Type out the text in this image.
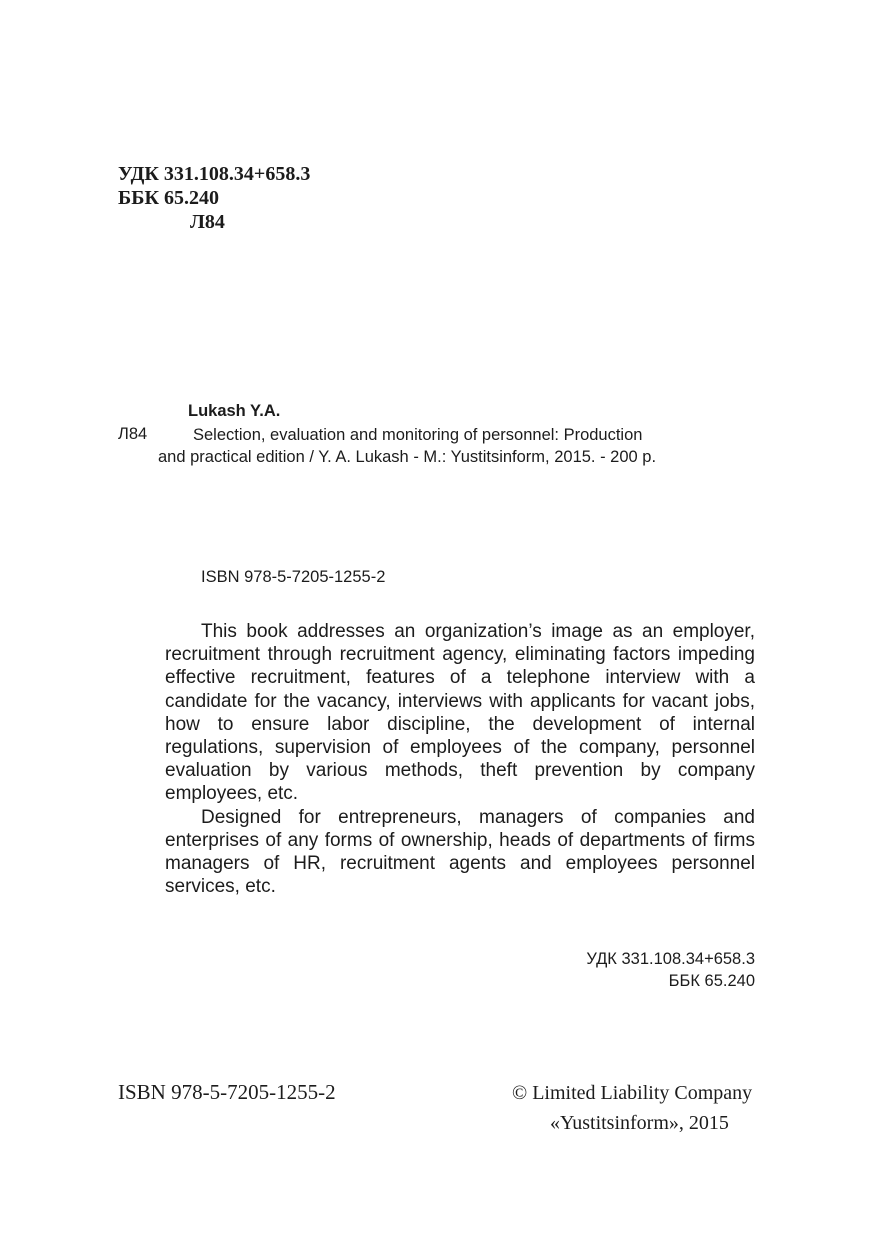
УДК 331.108.34+658.3
ББК 65.240
Л84
Lukash Y.A.
Л84	Selection, evaluation and monitoring of personnel: Production
and practical edition / Y. A. Lukash - M.: Yustitsinform, 2015. - 200 p.
ISBN 978-5-7205-1255-2

This book addresses an organization’s image as an employer, recruitment through recruitment agency, eliminating factors impeding effective recruitment, features of a telephone interview with a candidate for the vacancy, interviews with applicants for vacant jobs, how to ensure labor discipline, the development of internal regulations, supervision of employees of the company, personnel evaluation by various methods, theft prevention by company employees, etc.

Designed for entrepreneurs, managers of companies and enterprises of any forms of ownership, heads of departments of firms managers of HR, recruitment agents and employees personnel services, etc.

УДК 331.108.34+658.3
ББК 65.240
ISBN 978-5-7205-1255-2	© Limited Liability Company
«Yustitsinform», 2015
